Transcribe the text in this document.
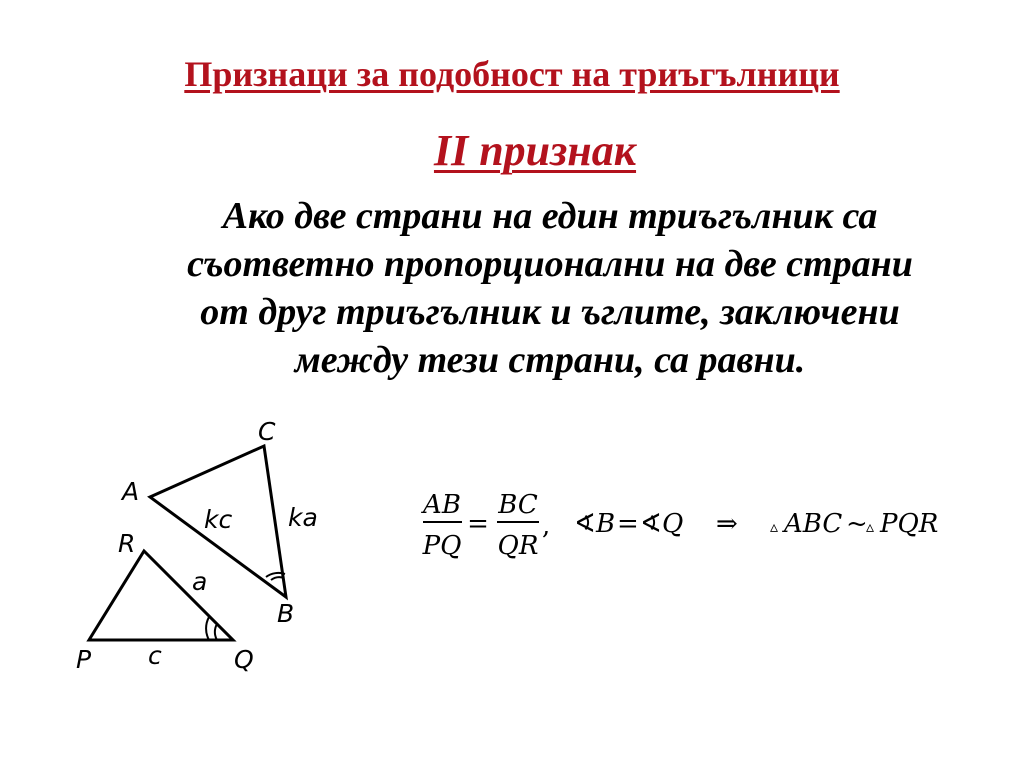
Признаци за подобност на триъгълници
II признак
Ако две страни на един триъгълник са
съответно пропорционални на две страни
от друг триъгълник и ъглите, заключени
между тези страни, са равни.
A
C
B
kc ka
R
P	Q
a
c
AB
PQ
=
BC
QR
, ∢ B = ∢ Q ⇒ ▵ ABC ~
▵ PQR
